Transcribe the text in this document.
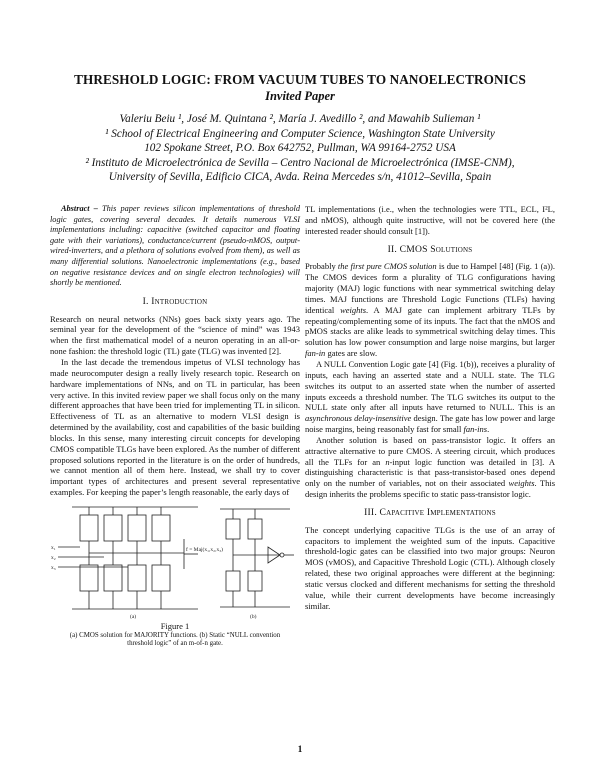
THRESHOLD LOGIC: FROM VACUUM TUBES TO NANOELECTRONICS
Invited Paper
Valeriu Beiu ¹, José M. Quintana ², María J. Avedillo ², and Mawahib Sulieman ¹
¹ School of Electrical Engineering and Computer Science, Washington State University
102 Spokane Street, P.O. Box 642752, Pullman, WA 99164-2752 USA
² Instituto de Microelectrónica de Sevilla – Centro Nacional de Microelectrónica (IMSE-CNM),
University of Sevilla, Edificio CICA, Avda. Reina Mercedes s/n, 41012–Sevilla, Spain

Abstract – This paper reviews silicon implementations of threshold logic gates, covering several decades. It details numerous VLSI implementations including: capacitive (switched capacitor and floating gate with their variations), conductance/current (pseudo-nMOS, output-wired-inverters, and a plethora of solutions evolved from them), as well as many differential solutions. Nanoelectronic implementations (e.g., based on negative resistance devices and on single electron technologies) will shortly be mentioned.

I. Introduction

Research on neural networks (NNs) goes back sixty years ago. The seminal year for the development of the “science of mind” was 1943 when the first mathematical model of a neuron operating in an all-or-none fashion: the threshold logic (TL) gate (TLG) was invented [2].

In the last decade the tremendous impetus of VLSI technology has made neurocomputer design a really lively research topic. Research on hardware implementations of NNs, and on TL in particular, has been very active. In this invited review paper we shall focus only on the many different approaches that have been tried for implementing TL in silicon. Effectiveness of TL as an alternative to modern VLSI design is determined by the availability, cost and capabilities of the basic building blocks. In this sense, many interesting circuit concepts for developing CMOS compatible TLGs have been explored. As the number of different proposed solutions reported in the literature is on the order of hundreds, we cannot mention all of them here. Instead, we shall try to cover important types of architectures and present several representative examples. For keeping the paper’s length reasonable, the early days of

x₁
x₂
x₃
f = Maj(x₁,x₂,x₃)
(a)	(b)
Figure 1
(a) CMOS solution for MAJORITY functions. (b) Static “NULL convention threshold logic” of an m-of-n gate.

TL implementations (i.e., when the technologies were TTL, ECL, I²L, and nMOS), although quite instructive, will not be covered here (the interested reader should consult [1]).

II. CMOS Solutions

Probably the first pure CMOS solution is due to Hampel [48] (Fig. 1 (a)). The CMOS devices form a plurality of TLG configurations having majority (MAJ) logic functions with near symmetrical switching delay times. MAJ functions are Threshold Logic Functions (TLFs) having identical weights. A MAJ gate can implement arbitrary TLFs by repeating/complementing some of its inputs. The fact that the nMOS and pMOS stacks are alike leads to symmetrical switching delay times. This solution has low power consumption and large noise margins, but larger fan-in gates are slow.

A NULL Convention Logic gate [4] (Fig. 1(b)), receives a plurality of inputs, each having an asserted state and a NULL state. The TLG switches its output to an asserted state when the number of asserted inputs exceeds a threshold number. The TLG switches its output to the NULL state only after all inputs have returned to NULL. This is an asynchronous delay-insensitive design. The gate has low power and large noise margins, being reasonably fast for small fan-ins.

Another solution is based on pass-transistor logic. It offers an attractive alternative to pure CMOS. A steering circuit, which produces all the TLFs for an n-input logic function was detailed in [3]. A distinguishing characteristic is that pass-transistor-based ones depend only on the number of variables, not on their associated weights. This design inherits the problems specific to static pass-transistor logic.

III. Capacitive Implementations

The concept underlying capacitive TLGs is the use of an array of capacitors to implement the weighted sum of the inputs. Capacitive threshold-logic gates can be classified into two major groups: Neuron MOS (vMOS), and Capacitive Threshold Logic (CTL). Although closely related, these two original approaches were different at the beginning: static versus clocked and different mechanisms for setting the threshold value, while their current developments have become increasingly similar.

1
